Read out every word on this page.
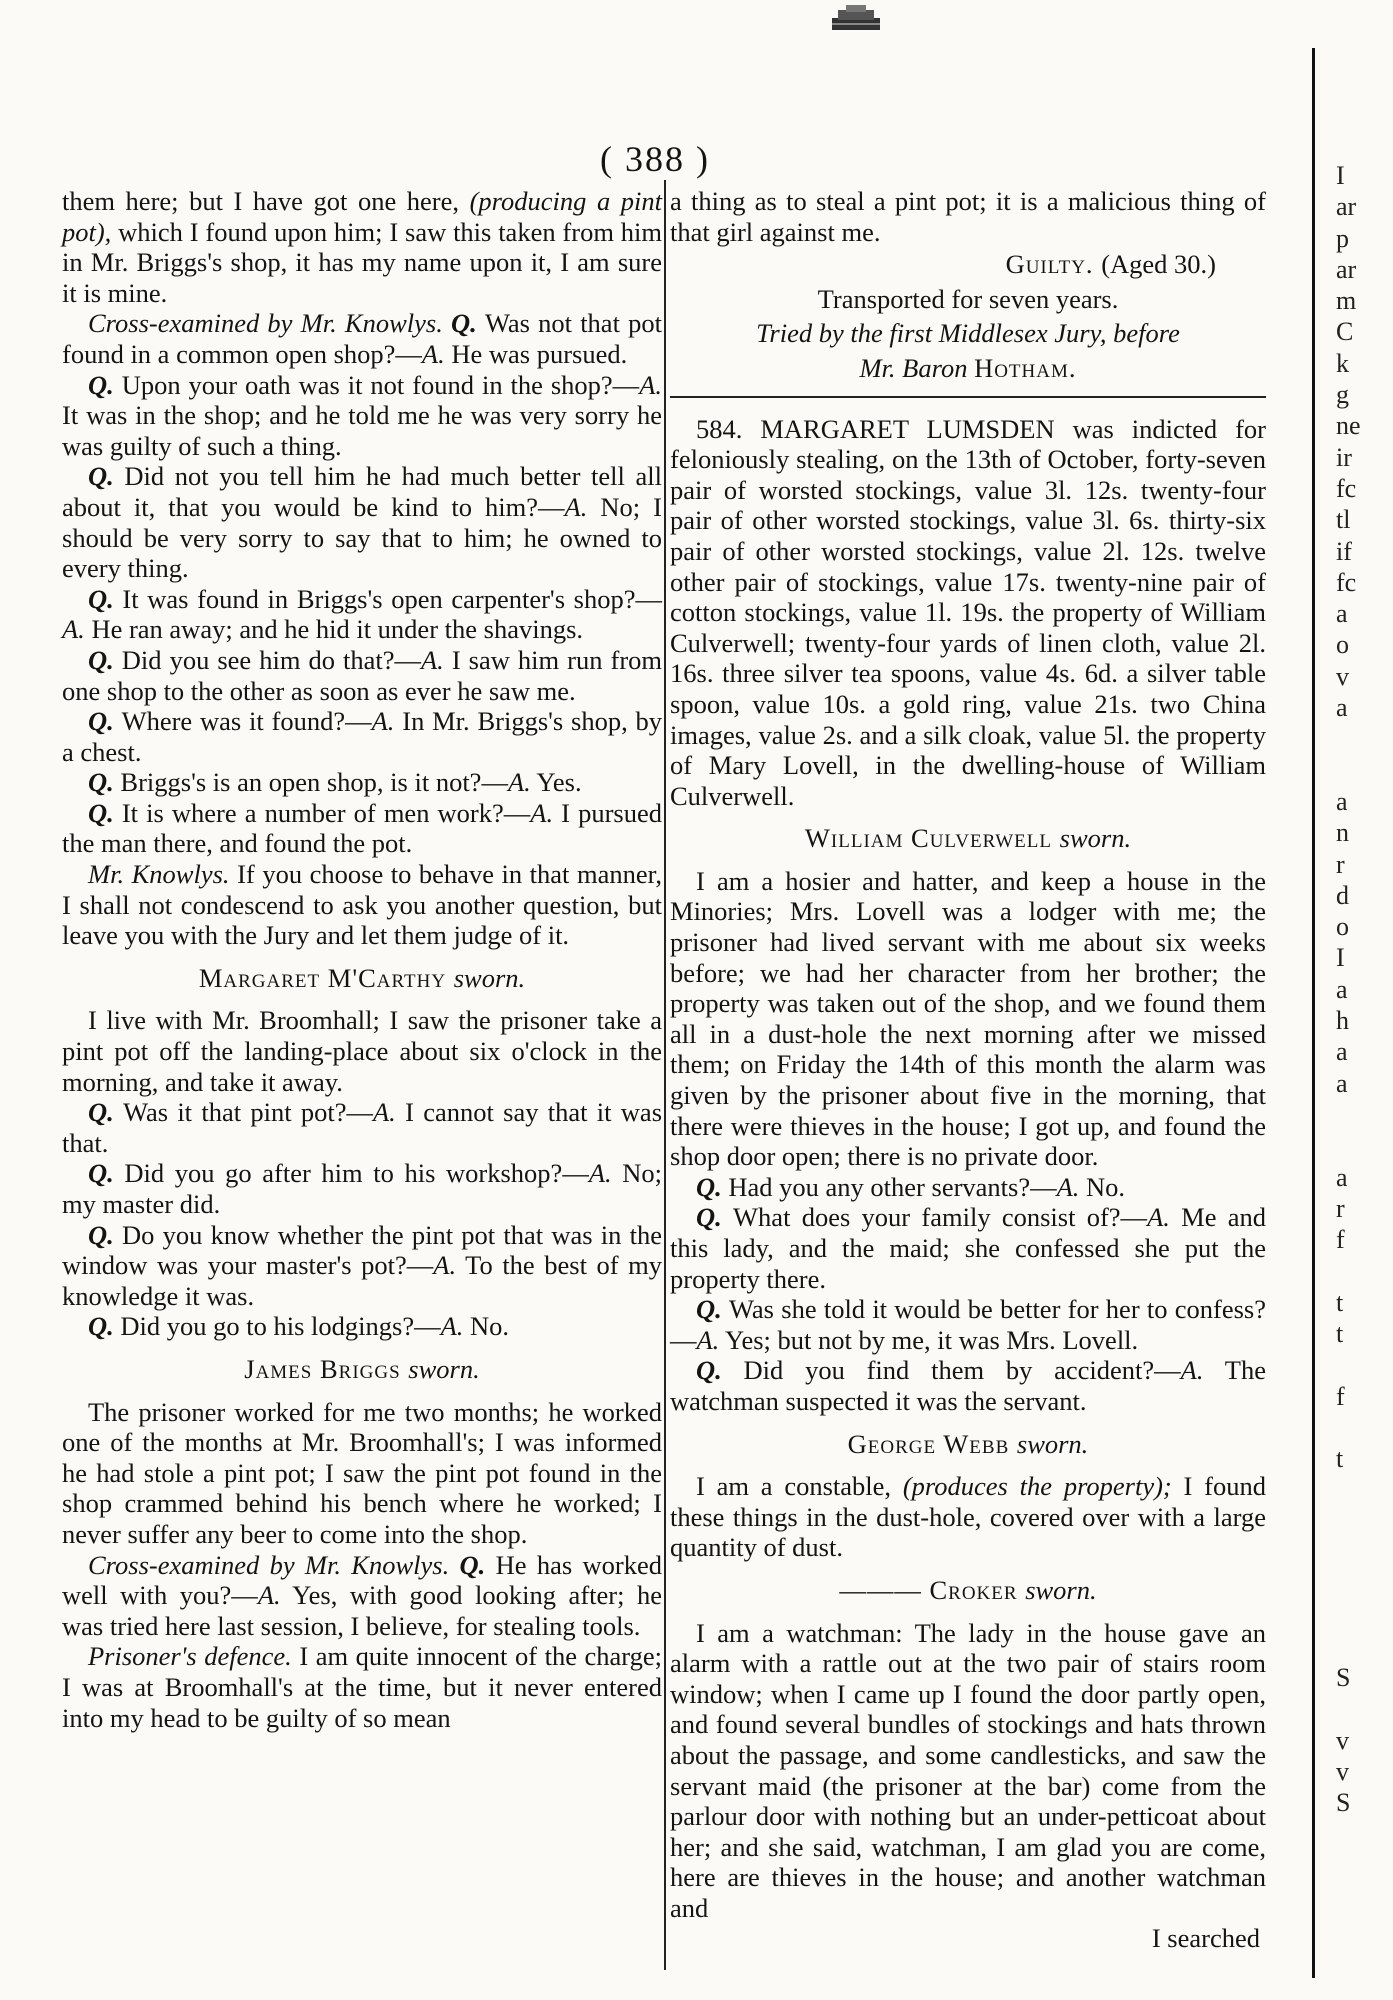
( 388 )

them here; but I have got one here, (producing a pint pot), which I found upon him; I saw this taken from him in Mr. Briggs's shop, it has my name upon it, I am sure it is mine.

Cross-examined by Mr. Knowlys. Q. Was not that pot found in a common open shop?—A. He was pursued.

Q. Upon your oath was it not found in the shop?—A. It was in the shop; and he told me he was very sorry he was guilty of such a thing.

Q. Did not you tell him he had much better tell all about it, that you would be kind to him?—A. No; I should be very sorry to say that to him; he owned to every thing.

Q. It was found in Briggs's open carpenter's shop?—A. He ran away; and he hid it under the shavings.

Q. Did you see him do that?—A. I saw him run from one shop to the other as soon as ever he saw me.

Q. Where was it found?—A. In Mr. Briggs's shop, by a chest.

Q. Briggs's is an open shop, is it not?—A. Yes.

Q. It is where a number of men work?—A. I pursued the man there, and found the pot.

Mr. Knowlys. If you choose to behave in that manner, I shall not condescend to ask you another question, but leave you with the Jury and let them judge of it.

Margaret M'Carthy sworn.

I live with Mr. Broomhall; I saw the prisoner take a pint pot off the landing-place about six o'clock in the morning, and take it away.

Q. Was it that pint pot?—A. I cannot say that it was that.

Q. Did you go after him to his workshop?—A. No; my master did.

Q. Do you know whether the pint pot that was in the window was your master's pot?—A. To the best of my knowledge it was.

Q. Did you go to his lodgings?—A. No.

James Briggs sworn.

The prisoner worked for me two months; he worked one of the months at Mr. Broomhall's; I was informed he had stole a pint pot; I saw the pint pot found in the shop crammed behind his bench where he worked; I never suffer any beer to come into the shop.

Cross-examined by Mr. Knowlys. Q. He has worked well with you?—A. Yes, with good looking after; he was tried here last session, I believe, for stealing tools.

Prisoner's defence. I am quite innocent of the charge; I was at Broomhall's at the time, but it never entered into my head to be guilty of so mean

a thing as to steal a pint pot; it is a malicious thing of that girl against me.

Guilty. (Aged 30.)

Transported for seven years.

Tried by the first Middlesex Jury, before

Mr. Baron Hotham.

584. MARGARET LUMSDEN was indicted for feloniously stealing, on the 13th of October, forty-seven pair of worsted stockings, value 3l. 12s. twenty-four pair of other worsted stockings, value 3l. 6s. thirty-six pair of other worsted stockings, value 2l. 12s. twelve other pair of stockings, value 17s. twenty-nine pair of cotton stockings, value 1l. 19s. the property of William Culverwell; twenty-four yards of linen cloth, value 2l. 16s. three silver tea spoons, value 4s. 6d. a silver table spoon, value 10s. a gold ring, value 21s. two China images, value 2s. and a silk cloak, value 5l. the property of Mary Lovell, in the dwelling-house of William Culverwell.

William Culverwell sworn.

I am a hosier and hatter, and keep a house in the Minories; Mrs. Lovell was a lodger with me; the prisoner had lived servant with me about six weeks before; we had her character from her brother; the property was taken out of the shop, and we found them all in a dust-hole the next morning after we missed them; on Friday the 14th of this month the alarm was given by the prisoner about five in the morning, that there were thieves in the house; I got up, and found the shop door open; there is no private door.

Q. Had you any other servants?—A. No.

Q. What does your family consist of?—A. Me and this lady, and the maid; she confessed she put the property there.

Q. Was she told it would be better for her to confess?—A. Yes; but not by me, it was Mrs. Lovell.

Q. Did you find them by accident?—A. The watchman suspected it was the servant.

George Webb sworn.

I am a constable, (produces the property); I found these things in the dust-hole, covered over with a large quantity of dust.

——— Croker sworn.

I am a watchman: The lady in the house gave an alarm with a rattle out at the two pair of stairs room window; when I came up I found the door partly open, and found several bundles of stockings and hats thrown about the passage, and some candlesticks, and saw the servant maid (the prisoner at the bar) come from the parlour door with nothing but an under-petticoat about her; and she said, watchman, I am glad you are come, here are thieves in the house; and another watchman and

I searched

I
ar
p
ar
m
C
k
g
ne
ir
fc
tl
if
fc
a
o
v
a
a
n
r
d
o
I
a
h
a
a
a
r
f
t
t
f
t
S
v
v
S
